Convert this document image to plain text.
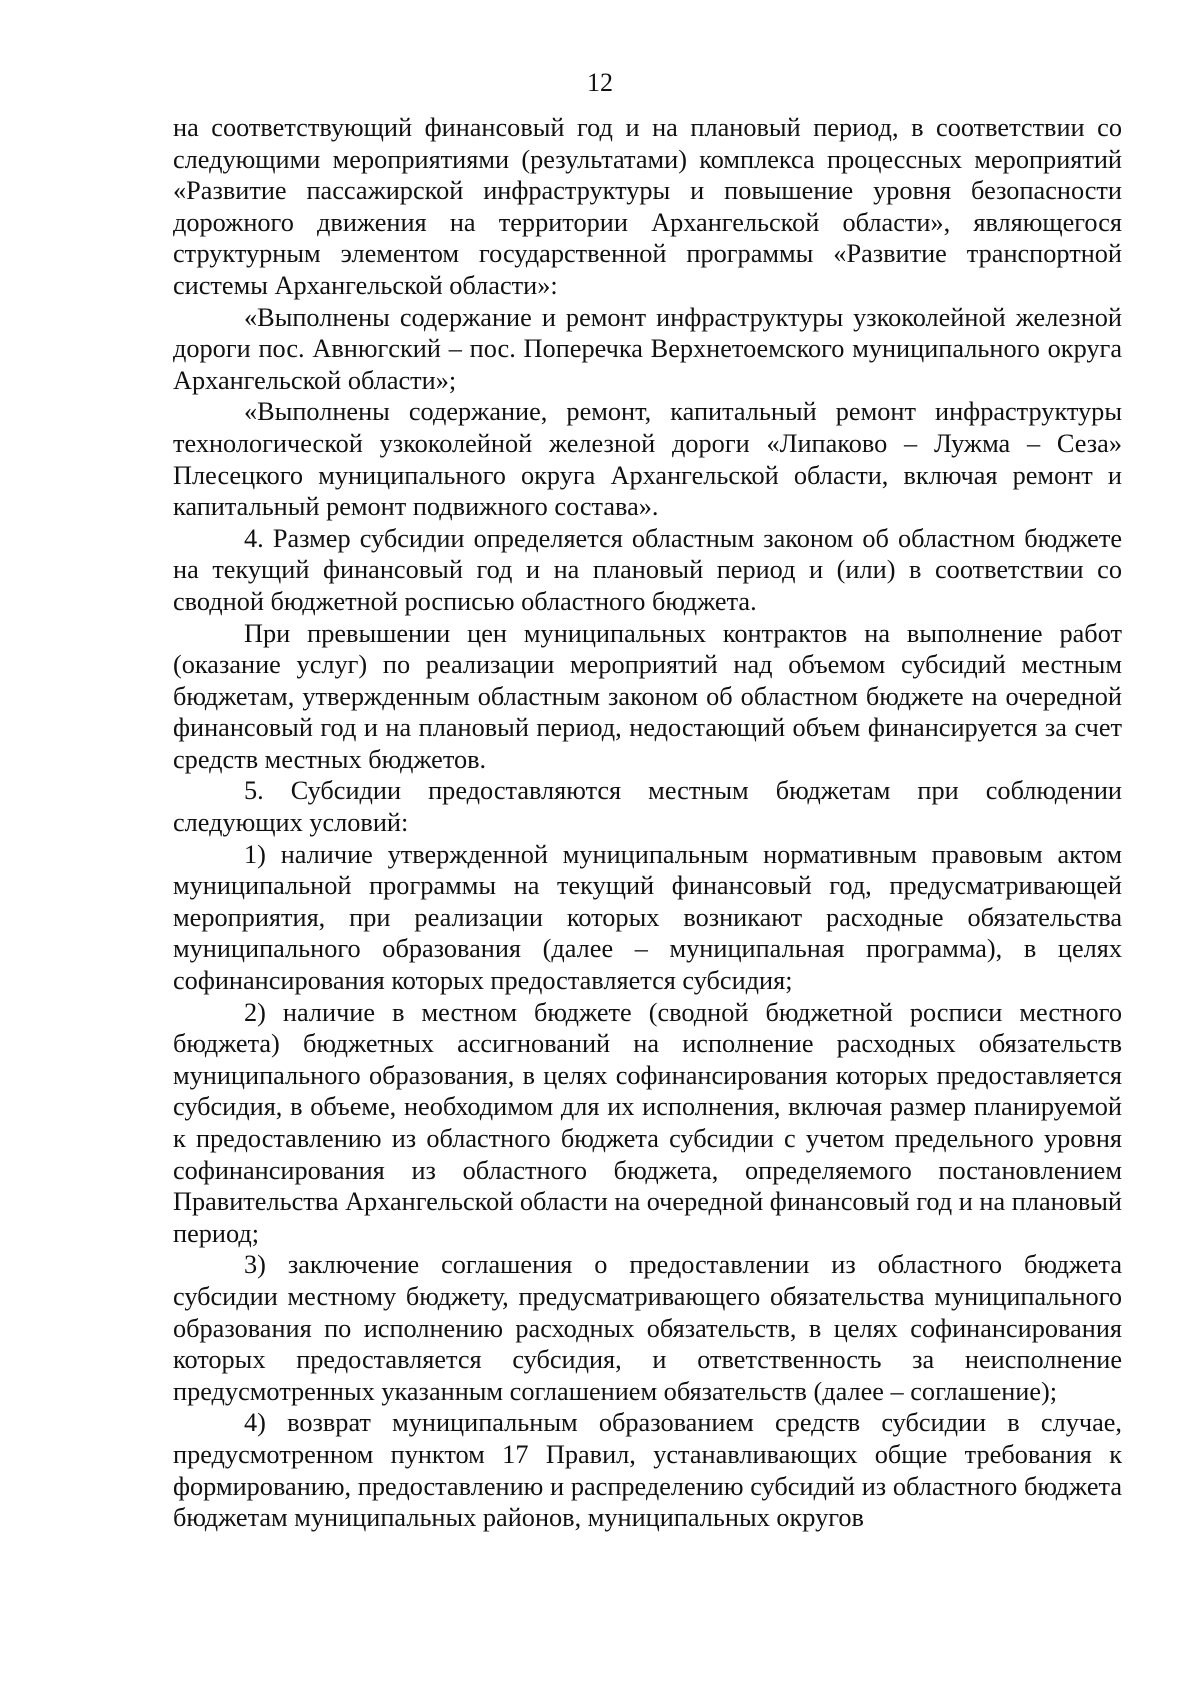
12

на соответствующий финансовый год и на плановый период, в соответствии со следующими мероприятиями (результатами) комплекса процессных мероприятий «Развитие пассажирской инфраструктуры и повышение уровня безопасности дорожного движения на территории Архангельской области», являющегося структурным элементом государственной программы «Развитие транспортной системы Архангельской области»:

«Выполнены содержание и ремонт инфраструктуры узкоколейной железной дороги пос. Авнюгский – пос. Поперечка Верхнетоемского муниципального округа Архангельской области»;

«Выполнены содержание, ремонт, капитальный ремонт инфраструктуры технологической узкоколейной железной дороги «Липаково – Лужма – Сеза» Плесецкого муниципального округа Архангельской области, включая ремонт и капитальный ремонт подвижного состава».

4. Размер субсидии определяется областным законом об областном бюджете на текущий финансовый год и на плановый период и (или) в соответствии со сводной бюджетной росписью областного бюджета.

При превышении цен муниципальных контрактов на выполнение работ (оказание услуг) по реализации мероприятий над объемом субсидий местным бюджетам, утвержденным областным законом об областном бюджете на очередной финансовый год и на плановый период, недостающий объем финансируется за счет средств местных бюджетов.

5. Субсидии предоставляются местным бюджетам при соблюдении следующих условий:

1) наличие утвержденной муниципальным нормативным правовым актом муниципальной программы на текущий финансовый год, предусматривающей мероприятия, при реализации которых возникают расходные обязательства муниципального образования (далее – муниципальная программа), в целях софинансирования которых предоставляется субсидия;

2) наличие в местном бюджете (сводной бюджетной росписи местного бюджета) бюджетных ассигнований на исполнение расходных обязательств муниципального образования, в целях софинансирования которых предоставляется субсидия, в объеме, необходимом для их исполнения, включая размер планируемой к предоставлению из областного бюджета субсидии с учетом предельного уровня софинансирования из областного бюджета, определяемого постановлением Правительства Архангельской области на очередной финансовый год и на плановый период;

3) заключение соглашения о предоставлении из областного бюджета субсидии местному бюджету, предусматривающего обязательства муниципального образования по исполнению расходных обязательств, в целях софинансирования которых предоставляется субсидия, и ответственность за неисполнение предусмотренных указанным соглашением обязательств (далее – соглашение);

4) возврат муниципальным образованием средств субсидии в случае, предусмотренном пунктом 17 Правил, устанавливающих общие требования к формированию, предоставлению и распределению субсидий из областного бюджета бюджетам муниципальных районов, муниципальных округов
